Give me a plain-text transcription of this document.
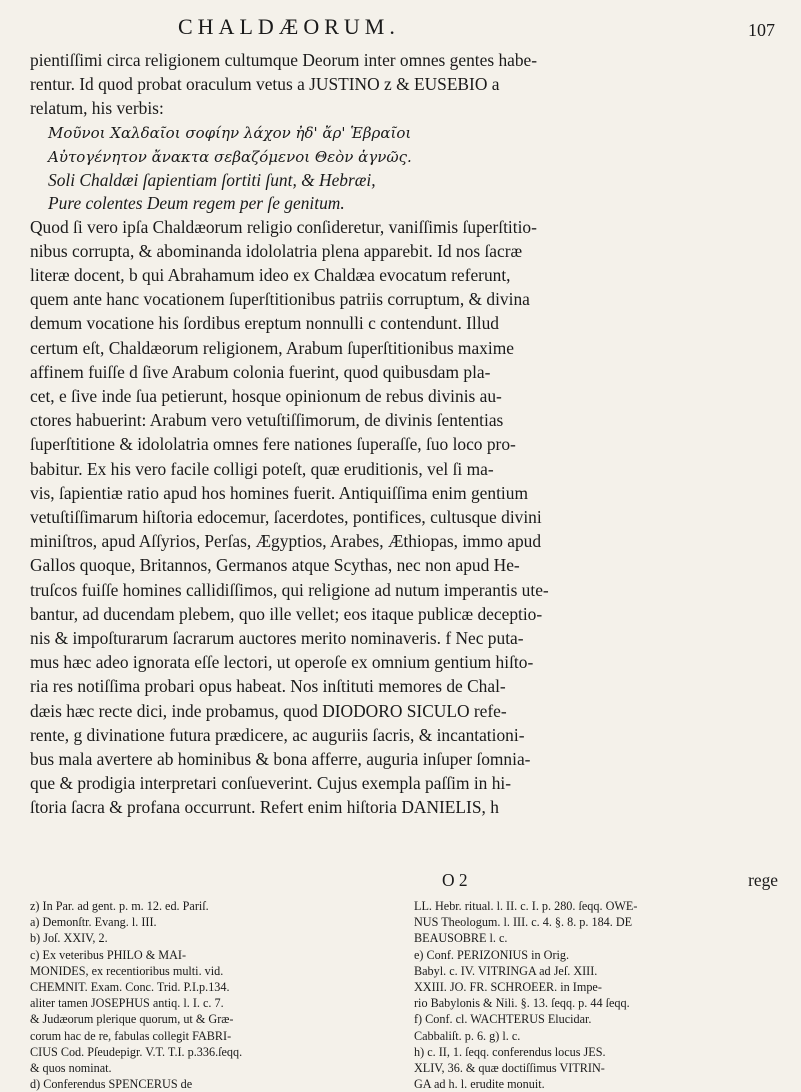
CHALDÆORUM.	107

pientiſſimi circa religionem cultumque Deorum inter omnes gentes habe-

rentur. Id quod probat oraculum vetus a JUSTINO z & EUSEBIO a

relatum, his verbis:

Μοῦνοι Χαλδαῖοι σοφίην λάχον ἠδ' ἄρ' Ἑβραῖοι

Αὐτογένητον ἄνακτα σεβαζόμενοι Θεὸν ἁγνῶς.

Soli Chaldæi ſapientiam ſortiti ſunt, & Hebræi,

Pure colentes Deum regem per ſe genitum.

Quod ſi vero ipſa Chaldæorum religio conſideretur, vaniſſimis ſuperſtitio-

nibus corrupta, & abominanda idololatria plena apparebit. Id nos ſacræ

literæ docent, b qui Abrahamum ideo ex Chaldæa evocatum referunt,

quem ante hanc vocationem ſuperſtitionibus patriis corruptum, & divina

demum vocatione his ſordibus ereptum nonnulli c contendunt. Illud

certum eſt, Chaldæorum religionem, Arabum ſuperſtitionibus maxime

affinem fuiſſe d ſive Arabum colonia fuerint, quod quibusdam pla-

cet, e ſive inde ſua petierunt, hosque opinionum de rebus divinis au-

ctores habuerint: Arabum vero vetuſtiſſimorum, de divinis ſententias

ſuperſtitione & idololatria omnes fere nationes ſuperaſſe, ſuo loco pro-

babitur. Ex his vero facile colligi poteſt, quæ eruditionis, vel ſi ma-

vis, ſapientiæ ratio apud hos homines fuerit. Antiquiſſima enim gentium

vetuſtiſſimarum hiſtoria edocemur, ſacerdotes, pontifices, cultusque divini

miniſtros, apud Aſſyrios, Perſas, Ægyptios, Arabes, Æthiopas, immo apud

Gallos quoque, Britannos, Germanos atque Scythas, nec non apud He-

truſcos fuiſſe homines callidiſſimos, qui religione ad nutum imperantis ute-

bantur, ad ducendam plebem, quo ille vellet; eos itaque publicæ deceptio-

nis & impoſturarum ſacrarum auctores merito nominaveris. f Nec puta-

mus hæc adeo ignorata eſſe lectori, ut operoſe ex omnium gentium hiſto-

ria res notiſſima probari opus habeat. Nos inſtituti memores de Chal-

dæis hæc recte dici, inde probamus, quod DIODORO SICULO refe-

rente, g divinatione futura prædicere, ac auguriis ſacris, & incantationi-

bus mala avertere ab hominibus & bona afferre, auguria inſuper ſomnia-

que & prodigia interpretari conſueverint. Cujus exempla paſſim in hi-

ſtoria ſacra & profana occurrunt. Refert enim hiſtoria DANIELIS, h

O 2	rege
z) In Par. ad gent. p. m. 12. ed. Pariſ.
a) Demonſtr. Evang. l. III.
b) Joſ. XXIV, 2.
c) Ex veteribus PHILO & MAI-
MONIDES, ex recentioribus multi. vid.
CHEMNIT. Exam. Conc. Trid. P.I.p.134.
aliter tamen JOSEPHUS antiq. l. I. c. 7.
& Judæorum plerique quorum, ut & Græ-
corum hac de re, fabulas collegit FABRI-
CIUS Cod. Pſeudepigr. V.T. T.I. p.336.ſeqq.
& quos nominat.
d) Conferendus SPENCERUS de
LL. Hebr. ritual. l. II. c. I. p. 280. ſeqq. OWE-
NUS Theologum. l. III. c. 4. §. 8. p. 184. DE
BEAUSOBRE l. c.
e) Conf. PERIZONIUS in Orig.
Babyl. c. IV. VITRINGA ad Jeſ. XIII.
XXIII. JO. FR. SCHROEER. in Impe-
rio Babylonis & Nili. §. 13. ſeqq. p. 44 ſeqq.
f) Conf. cl. WACHTERUS Elucidar.
Cabbaliſt. p. 6. g) l. c.
h) c. II, 1. ſeqq. conferendus locus JES.
XLIV, 36. & quæ doctiſſimus VITRIN-
GA ad h. l. erudite monuit.
